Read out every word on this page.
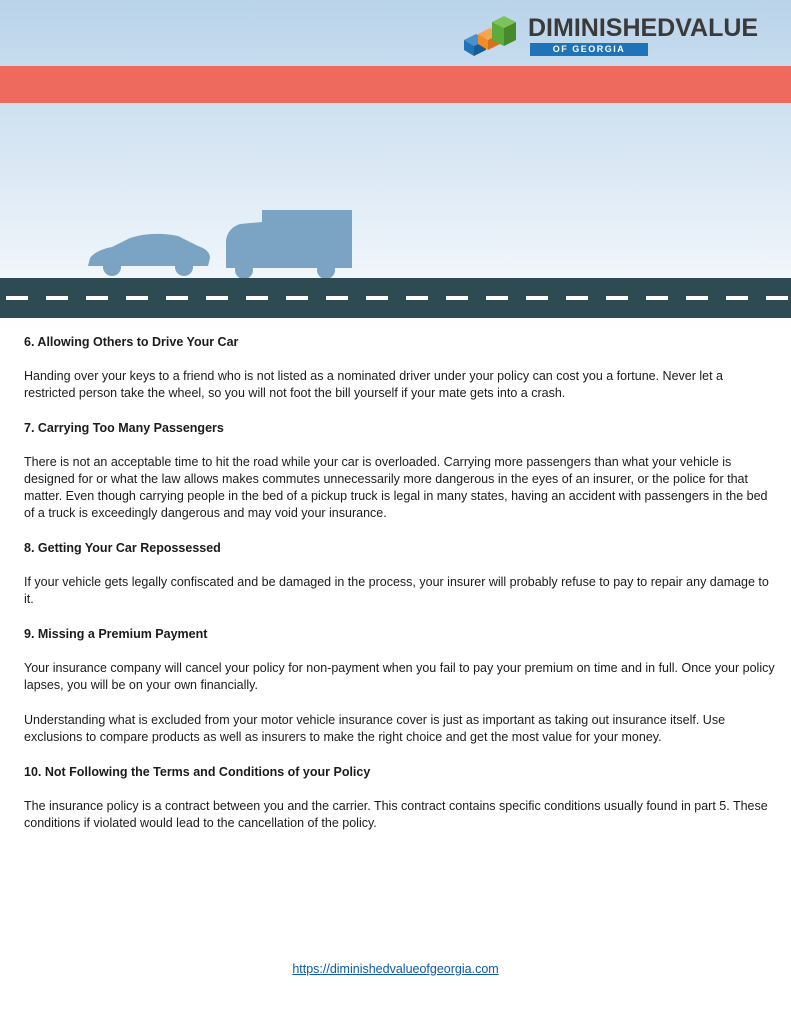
DIMINISHEDVALUE
OF GEORGIA
6. Allowing Others to Drive Your Car

Handing over your keys to a friend who is not listed as a nominated driver under your policy can cost you a fortune. Never let a restricted person take the wheel, so you will not foot the bill yourself if your mate gets into a crash.

7. Carrying Too Many Passengers

There is not an acceptable time to hit the road while your car is overloaded. Carrying more passengers than what your vehicle is designed for or what the law allows makes commutes unnecessarily more dangerous in the eyes of an insurer, or the police for that matter. Even though carrying people in the bed of a pickup truck is legal in many states, having an accident with passengers in the bed of a truck is exceedingly dangerous and may void your insurance.

8. Getting Your Car Repossessed

If your vehicle gets legally confiscated and be damaged in the process, your insurer will probably refuse to pay to repair any damage to it.

9. Missing a Premium Payment

Your insurance company will cancel your policy for non-payment when you fail to pay your premium on time and in full. Once your policy lapses, you will be on your own financially.

Understanding what is excluded from your motor vehicle insurance cover is just as important as taking out insurance itself. Use exclusions to compare products as well as insurers to make the right choice and get the most value for your money.

10. Not Following the Terms and Conditions of your Policy

The insurance policy is a contract between you and the carrier. This contract contains specific conditions usually found in part 5. These conditions if violated would lead to the cancellation of the policy.

https://diminishedvalueofgeorgia.com
